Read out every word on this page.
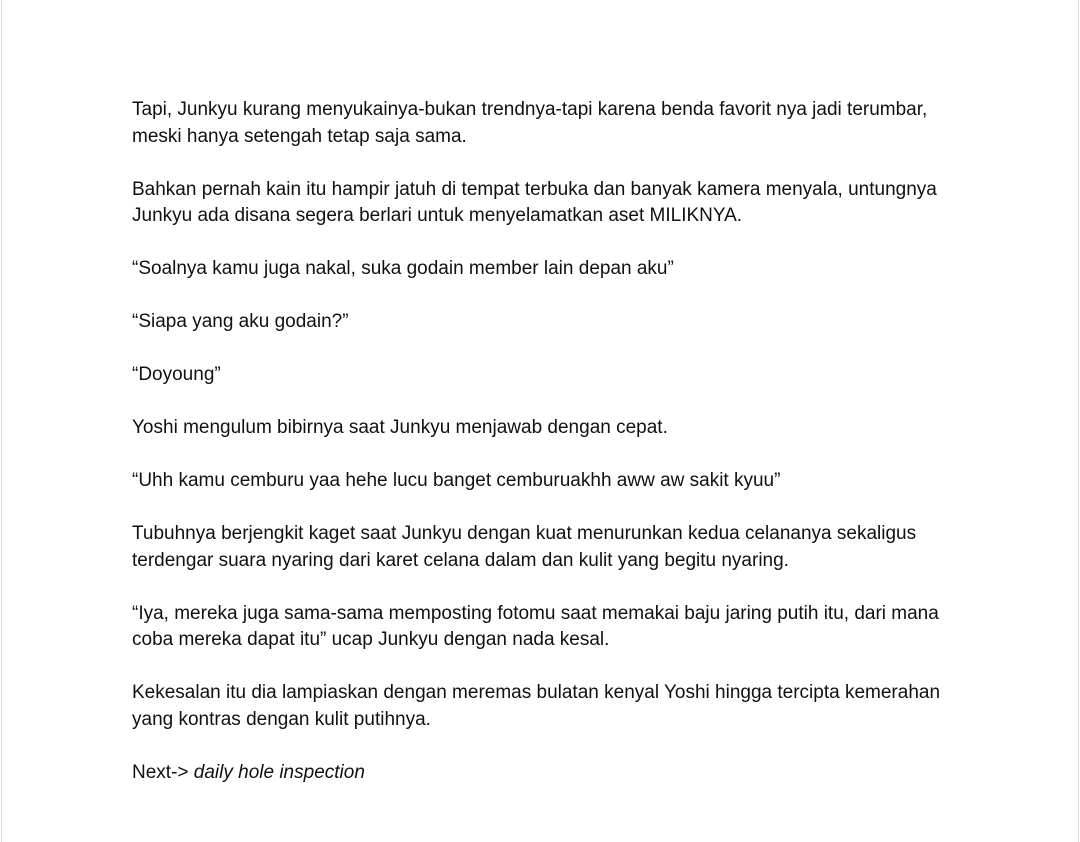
Tapi, Junkyu kurang menyukainya-bukan trendnya-tapi karena benda favorit nya jadi terumbar, meski hanya setengah tetap saja sama.

Bahkan pernah kain itu hampir jatuh di tempat terbuka dan banyak kamera menyala, untungnya Junkyu ada disana segera berlari untuk menyelamatkan aset MILIKNYA.

“Soalnya kamu juga nakal, suka godain member lain depan aku”

“Siapa yang aku godain?”

“Doyoung”

Yoshi mengulum bibirnya saat Junkyu menjawab dengan cepat.

“Uhh kamu cemburu yaa hehe lucu banget cemburuakhh aww aw sakit kyuu”

Tubuhnya berjengkit kaget saat Junkyu dengan kuat menurunkan kedua celananya sekaligus terdengar suara nyaring dari karet celana dalam dan kulit yang begitu nyaring.

“Iya, mereka juga sama-sama memposting fotomu saat memakai baju jaring putih itu, dari mana coba mereka dapat itu” ucap Junkyu dengan nada kesal.

Kekesalan itu dia lampiaskan dengan meremas bulatan kenyal Yoshi hingga tercipta kemerahan yang kontras dengan kulit putihnya.

Next-> daily hole inspection
